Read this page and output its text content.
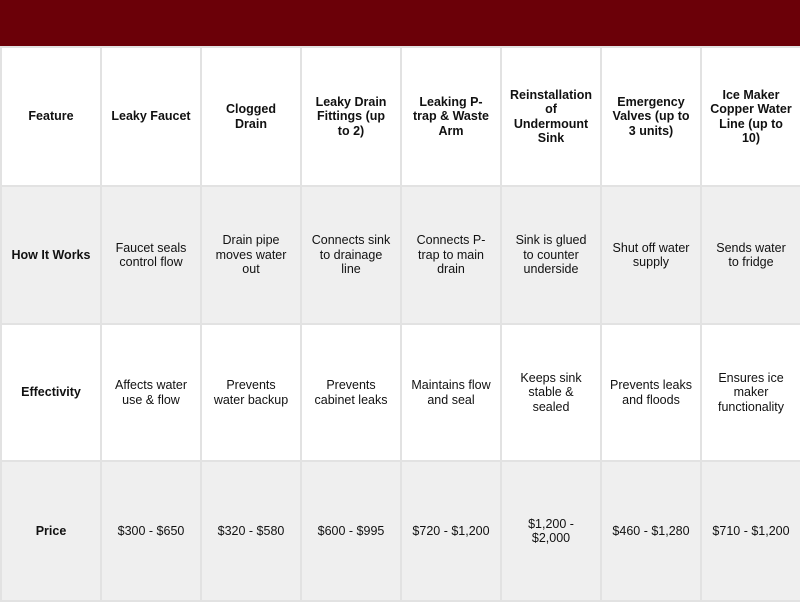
Feature	Leaky Faucet	Clogged Drain	Leaky Drain Fittings (up to 2)	Leaking P-trap & Waste Arm	Reinstallation of Undermount Sink	Emergency Valves (up to 3 units)	Ice Maker Copper Water Line (up to 10)
How It Works	Faucet seals control flow	Drain pipe moves water out	Connects sink to drainage line	Connects P-trap to main drain	Sink is glued to counter underside	Shut off water supply	Sends water to fridge
Effectivity	Affects water use & flow	Prevents water backup	Prevents cabinet leaks	Maintains flow and seal	Keeps sink stable & sealed	Prevents leaks and floods	Ensures ice maker functionality
Price	$300 - $650	$320 - $580	$600 - $995	$720 - $1,200	$1,200 - $2,000	$460 - $1,280	$710 - $1,200
